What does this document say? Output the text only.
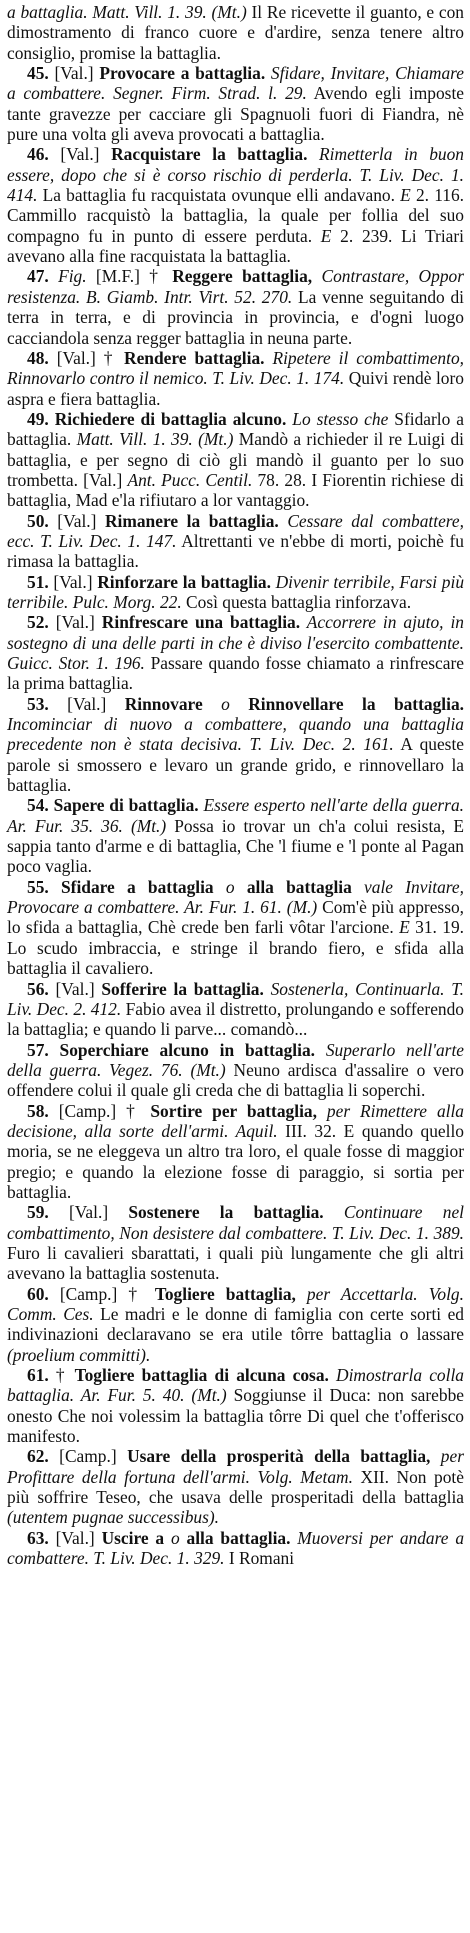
a battaglia. Matt. Vill. 1. 39. (Mt.) Il Re ricevette il guanto, e con dimostramento di franco cuore e d'ardire, senza tenere altro consiglio, promise la battaglia.

45. [Val.] Provocare a battaglia. Sfidare, Invitare, Chiamare a combattere. Segner. Firm. Strad. l. 29. Avendo egli imposte tante gravezze per cacciare gli Spagnuoli fuori di Fiandra, nè pure una volta gli aveva provocati a battaglia.

46. [Val.] Racquistare la battaglia. Rimetterla in buon essere, dopo che si è corso rischio di perderla. T. Liv. Dec. 1. 414. La battaglia fu racquistata ovunque elli andavano. E 2. 116. Cammillo racquistò la battaglia, la quale per follia del suo compagno fu in punto di essere perduta. E 2. 239. Li Triari avevano alla fine racquistata la battaglia.

47. Fig. [M.F.] † Reggere battaglia, Contrastare, Oppor resistenza. B. Giamb. Intr. Virt. 52. 270. La venne seguitando di terra in terra, e di provincia in provincia, e d'ogni luogo cacciandola senza regger battaglia in neuna parte.

48. [Val.] † Rendere battaglia. Ripetere il combattimento, Rinnovarlo contro il nemico. T. Liv. Dec. 1. 174. Quivi rendè loro aspra e fiera battaglia.

49. Richiedere di battaglia alcuno. Lo stesso che Sfidarlo a battaglia. Matt. Vill. 1. 39. (Mt.) Mandò a richieder il re Luigi di battaglia, e per segno di ciò gli mandò il guanto per lo suo trombetta. [Val.] Ant. Pucc. Centil. 78. 28. I Fiorentin richiese di battaglia, Mad e'la rifiutaro a lor vantaggio.

50. [Val.] Rimanere la battaglia. Cessare dal combattere, ecc. T. Liv. Dec. 1. 147. Altrettanti ve n'ebbe di morti, poichè fu rimasa la battaglia.

51. [Val.] Rinforzare la battaglia. Divenir terribile, Farsi più terribile. Pulc. Morg. 22. Così questa battaglia rinforzava.

52. [Val.] Rinfrescare una battaglia. Accorrere in ajuto, in sostegno di una delle parti in che è diviso l'esercito combattente. Guicc. Stor. 1. 196. Passare quando fosse chiamato a rinfrescare la prima battaglia.

53. [Val.] Rinnovare o Rinnovellare la battaglia. Incominciar di nuovo a combattere, quando una battaglia precedente non è stata decisiva. T. Liv. Dec. 2. 161. A queste parole si smossero e levaro un grande grido, e rinnovellaro la battaglia.

54. Sapere di battaglia. Essere esperto nell'arte della guerra. Ar. Fur. 35. 36. (Mt.) Possa io trovar un ch'a colui resista, E sappia tanto d'arme e di battaglia, Che 'l fiume e 'l ponte al Pagan poco vaglia.

55. Sfidare a battaglia o alla battaglia vale Invitare, Provocare a combattere. Ar. Fur. 1. 61. (M.) Com'è più appresso, lo sfida a battaglia, Chè crede ben farli vôtar l'arcione. E 31. 19. Lo scudo imbraccia, e stringe il brando fiero, e sfida alla battaglia il cavaliero.

56. [Val.] Sofferire la battaglia. Sostenerla, Continuarla. T. Liv. Dec. 2. 412. Fabio avea il distretto, prolungando e sofferendo la battaglia; e quando li parve... comandò...

57. Soperchiare alcuno in battaglia. Superarlo nell'arte della guerra. Vegez. 76. (Mt.) Neuno ardisca d'assalire o vero offendere colui il quale gli creda che di battaglia li soperchi.

58. [Camp.] † Sortire per battaglia, per Rimettere alla decisione, alla sorte dell'armi. Aquil. III. 32. E quando quello moria, se ne eleggeva un altro tra loro, el quale fosse di maggior pregio; e quando la elezione fosse di paraggio, si sortia per battaglia.

59. [Val.] Sostenere la battaglia. Continuare nel combattimento, Non desistere dal combattere. T. Liv. Dec. 1. 389. Furo li cavalieri sbarattati, i quali più lungamente che gli altri avevano la battaglia sostenuta.

60. [Camp.] † Togliere battaglia, per Accettarla. Volg. Comm. Ces. Le madri e le donne di famiglia con certe sorti ed indivinazioni declaravano se era utile tôrre battaglia o lassare (proelium committi).

61. † Togliere battaglia di alcuna cosa. Dimostrarla colla battaglia. Ar. Fur. 5. 40. (Mt.) Soggiunse il Duca: non sarebbe onesto Che noi volessim la battaglia tôrre Di quel che t'offerisco manifesto.

62. [Camp.] Usare della prosperità della battaglia, per Profittare della fortuna dell'armi. Volg. Metam. XII. Non potè più soffrire Teseo, che usava delle prosperitadi della battaglia (utentem pugnae successibus).

63. [Val.] Uscire a o alla battaglia. Muoversi per andare a combattere. T. Liv. Dec. 1. 329. I Romani
